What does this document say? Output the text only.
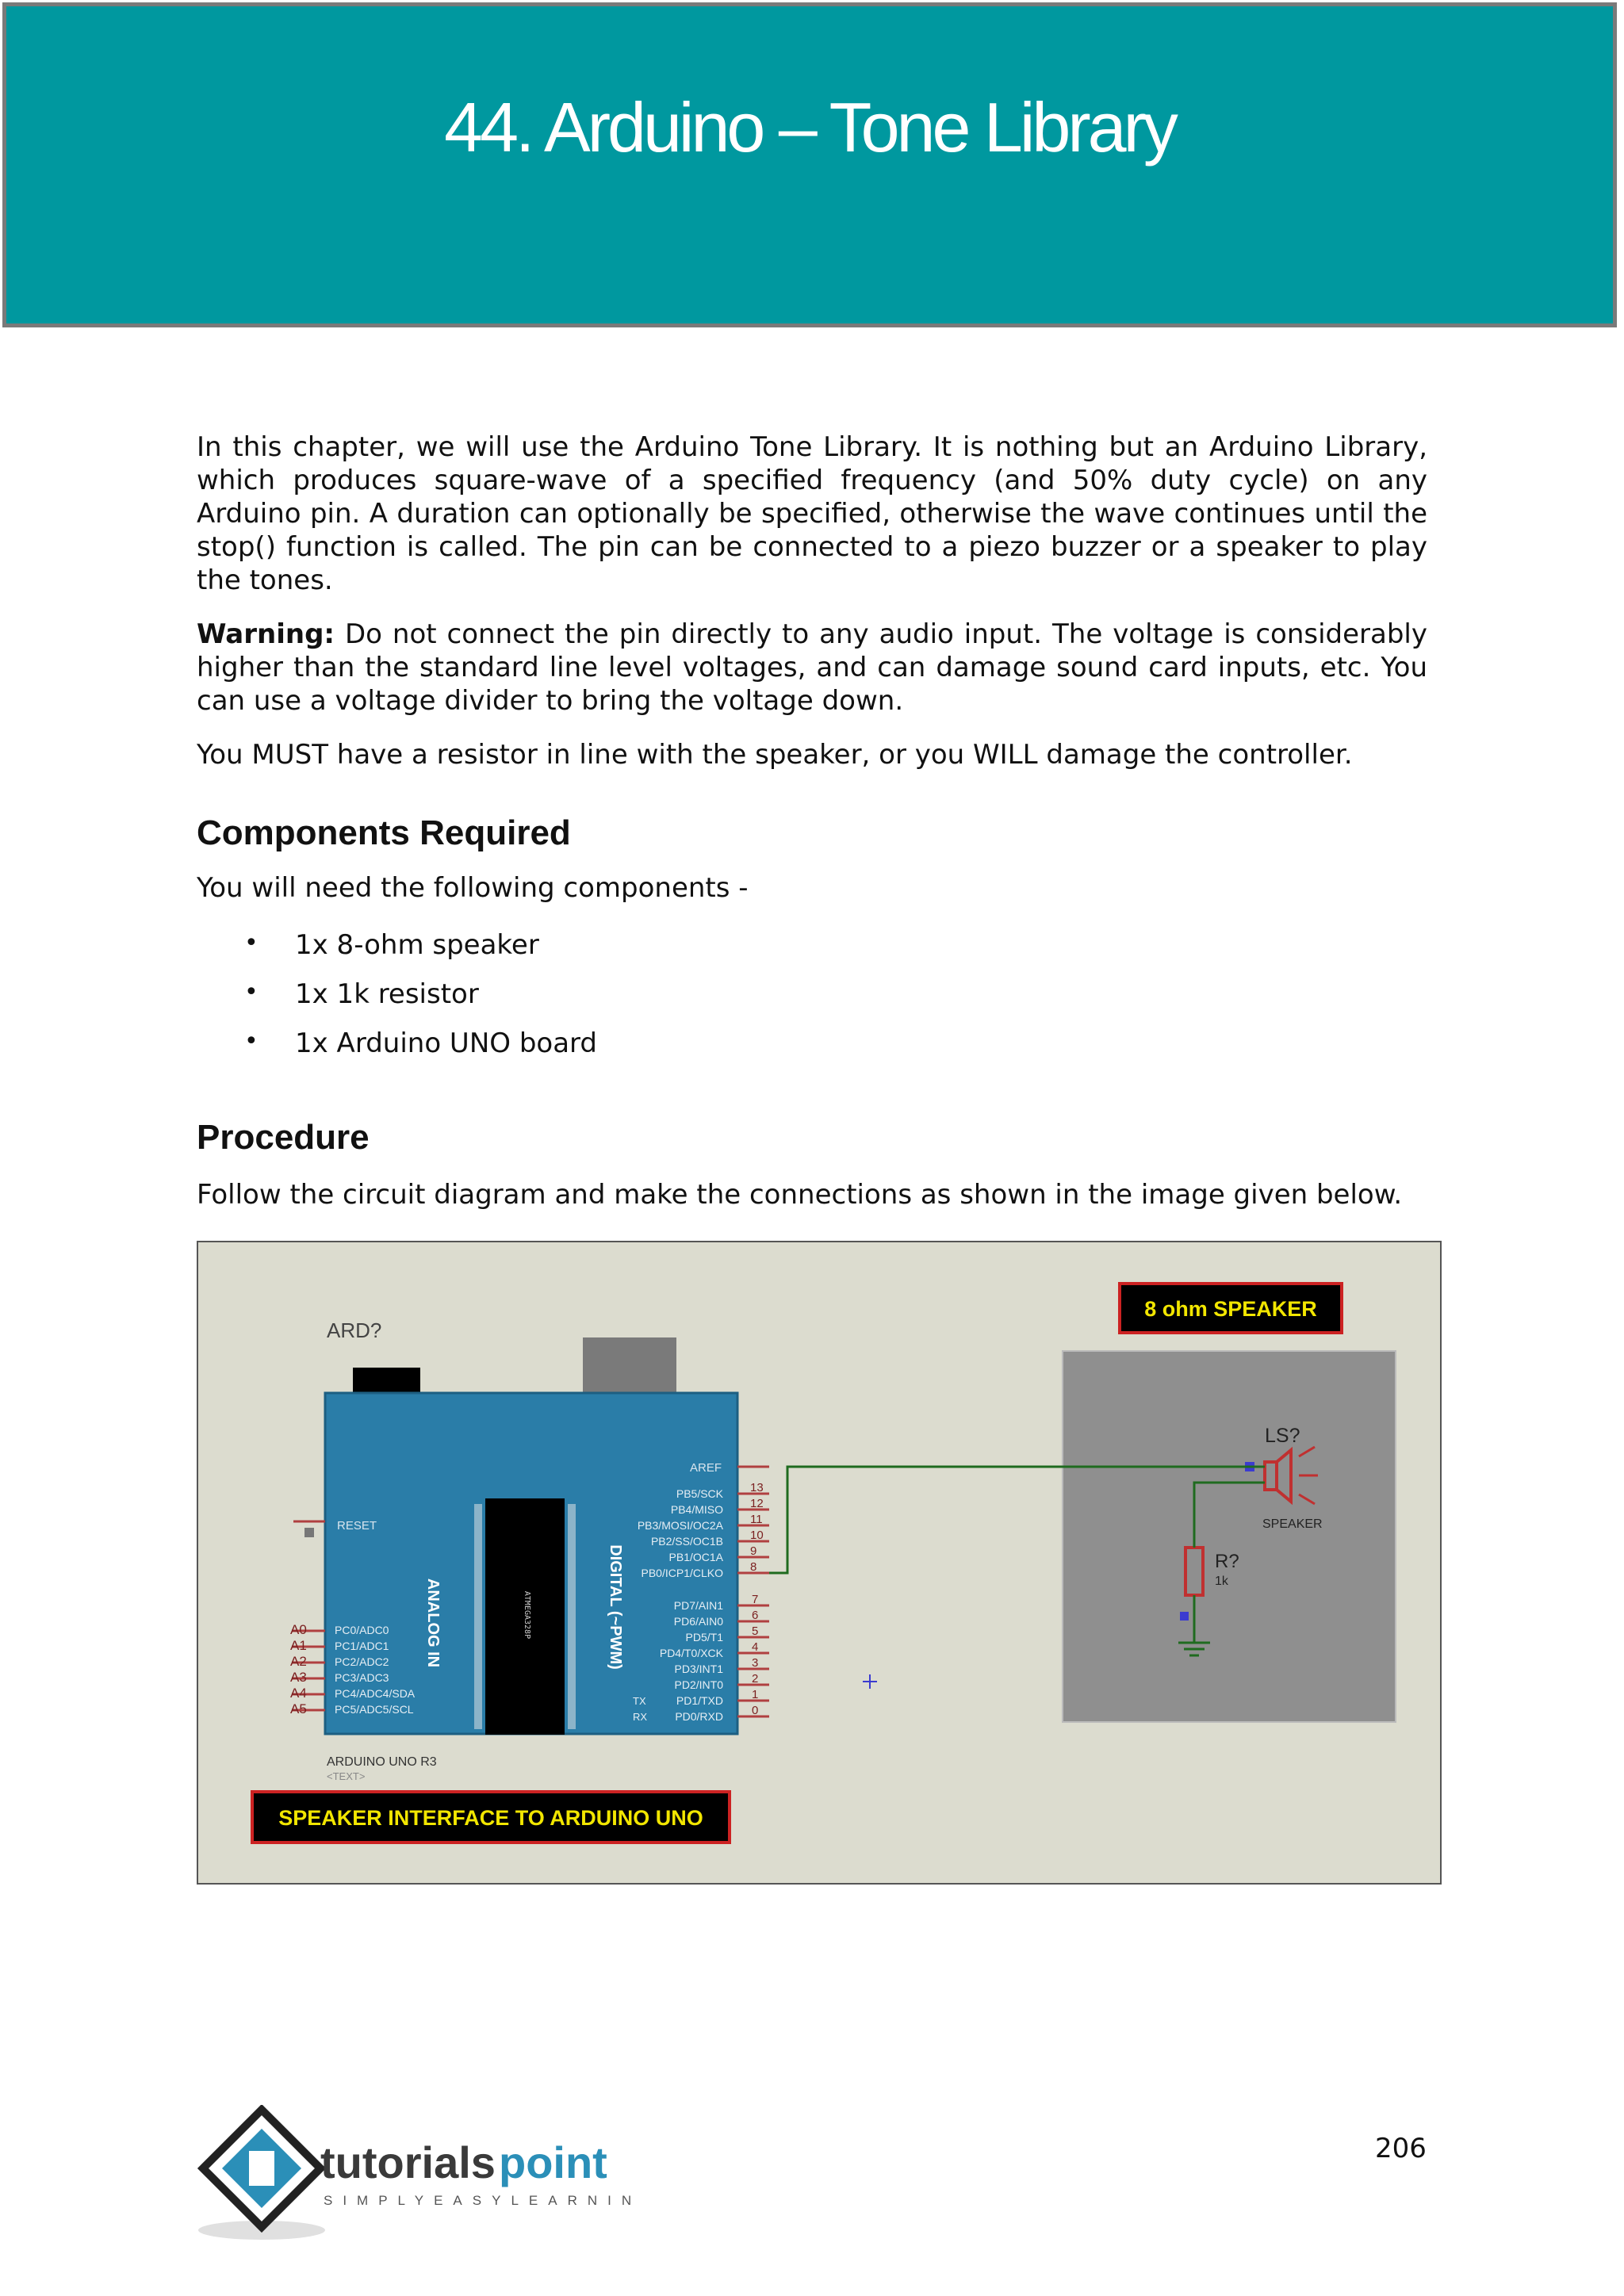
44. Arduino – Tone Library

In this chapter, we will use the Arduino Tone Library. It is nothing but an Arduino Library, which produces square-wave of a specified frequency (and 50% duty cycle) on any Arduino pin. A duration can optionally be specified, otherwise the wave continues until the stop() function is called. The pin can be connected to a piezo buzzer or a speaker to play the tones.

Warning: Do not connect the pin directly to any audio input. The voltage is considerably higher than the standard line level voltages, and can damage sound card inputs, etc. You can use a voltage divider to bring the voltage down.

You MUST have a resistor in line with the speaker, or you WILL damage the controller.

Components Required

You will need the following components -

• 1x 8-ohm speaker
• 1x 1k resistor
• 1x Arduino UNO board
Procedure

Follow the circuit diagram and make the connections as shown in the image given below.

8 ohm SPEAKER
ARD?
ATMEGA328P
ANALOG IN	DIGITAL (~PWM)
AREF
RESET
A0
A1
A2
A3
A4
A5
PC0/ADC0
PC1/ADC1
PC2/ADC2
PC3/ADC3
PC4/ADC4/SDA
PC5/ADC5/SCL
PB5/SCK
PB4/MISO
PB3/MOSI/OC2A
PB2/SS/OC1B
PB1/OC1A
PB0/ICP1/CLKO
13
12
11
10
9
8
PD7/AIN1
PD6/AIN0
PD5/T1
PD4/T0/XCK
PD3/INT1
PD2/INT0
PD1/TXD
PD0/RXD
7
6
5
4
3
2
1
0
TX
RX
ARDUINO UNO R3
<TEXT>
LS?
SPEAKER
R?
1k
SPEAKER INTERFACE TO ARDUINO UNO
tutorials point
SIMPLYEASYLEARNING
206
